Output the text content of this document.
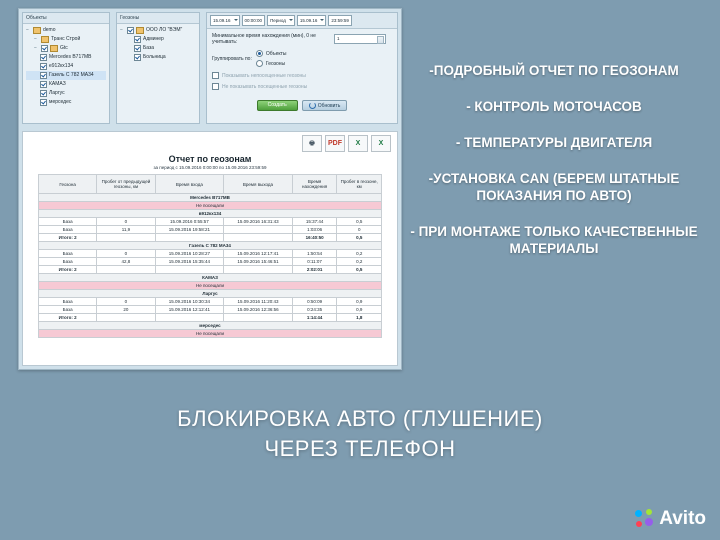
Объекты
−	demo
−	Транс Строй
−	Gtc
Mercedes B717MB
e912кх134
Газель С 782 МА34
КАМАЗ
Ларгус
мерседес
Геозоны
−	ООО ЛО "ВЭМ"
Админер
База
Больница
15.09.16	00:00:00	Период	15.09.16	23:59:59
Минимальное время нахождения (мин), 0 не учитывать:
1
Группировать по:
Объекты
Геозоны
Показывать непосещенные геозоны
Не показывать посещенные геозоны
Создать	Обновить
🖶	PDF	X	X
Отчет по геозонам
за период с 15.09.2016 0:00:00 по 15.09.2016 23:59:59
Геозона	Пробег от предыдущей геозоны, км	Время входа	Время выхода	Время нахождения	Пробег в геозоне, км
Mercedes B717MB					
Не посещали					
в912кх134					
База	0	15.09.2016 0:55:57	15.09.2016 16:31:43	15:37:44	0,5
База	11,9	15.09.2016 19:58:21		1:03:06	0
Итого: 2				16:40:50	0,5
Газель С 782 МА34					
База	0	15.09.2016 10:28:27	15.09.2016 12:17:41	1:50:54	0,2
База	42,8	15.09.2016 15:35:44	15.09.2016 15:46:51	0:11:07	0,2
Итого: 2				2:02:01	0,5
КАМАЗ					
Не посещали					
Ларгус					
База	0	15.09.2016 10:30:34	15.09.2016 11:20:43	0:50:09	0,9
База	20	15.09.2016 12:12:41	15.09.2016 12:36:56	0:24:35	0,9
Итого: 2				1:14:44	1,8
мерседес					
Не посещали					

-ПОДРОБНЫЙ ОТЧЕТ ПО ГЕОЗОНАМ

- КОНТРОЛЬ МОТОЧАСОВ

- ТЕМПЕРАТУРЫ ДВИГАТЕЛЯ

-УСТАНОВКА CAN (БЕРЕМ ШТАТНЫЕ ПОКАЗАНИЯ ПО АВТО)

- ПРИ МОНТАЖЕ ТОЛЬКО КАЧЕСТВЕННЫЕ МАТЕРИАЛЫ

БЛОКИРОВКА АВТО (ГЛУШЕНИЕ)
ЧЕРЕЗ ТЕЛЕФОН
Avito
